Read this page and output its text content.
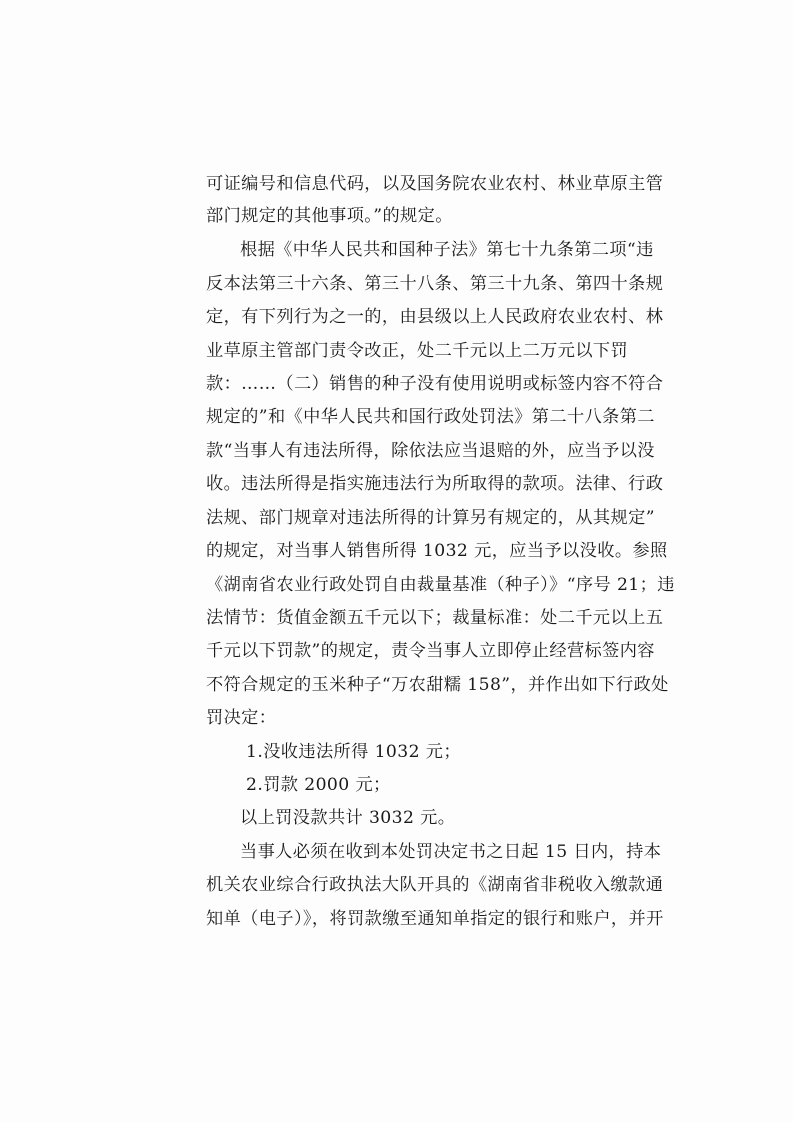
可证编号和信息代码，以及国务院农业农村、林业草原主管
部门规定的其他事项。”的规定。
根据《中华人民共和国种子法》第七十九条第二项“违
反本法第三十六条、第三十八条、第三十九条、第四十条规
定，有下列行为之一的，由县级以上人民政府农业农村、林
业草原主管部门责令改正，处二千元以上二万元以下罚
款：……（二）销售的种子没有使用说明或标签内容不符合
规定的”和《中华人民共和国行政处罚法》第二十八条第二
款“当事人有违法所得，除依法应当退赔的外，应当予以没
收。违法所得是指实施违法行为所取得的款项。法律、行政
法规、部门规章对违法所得的计算另有规定的，从其规定”
的规定，对当事人销售所得 1032 元，应当予以没收。参照
《湖南省农业行政处罚自由裁量基准（种子）》“序号 21；违
法情节：货值金额五千元以下；裁量标准：处二千元以上五
千元以下罚款”的规定，责令当事人立即停止经营标签内容
不符合规定的玉米种子“万农甜糯 158”，并作出如下行政处
罚决定：
1.没收违法所得 1032 元；
2.罚款 2000 元；
以上罚没款共计 3032 元。
当事人必须在收到本处罚决定书之日起 15 日内，持本
机关农业综合行政执法大队开具的《湖南省非税收入缴款通
知单（电子）》，将罚款缴至通知单指定的银行和账户，并开
